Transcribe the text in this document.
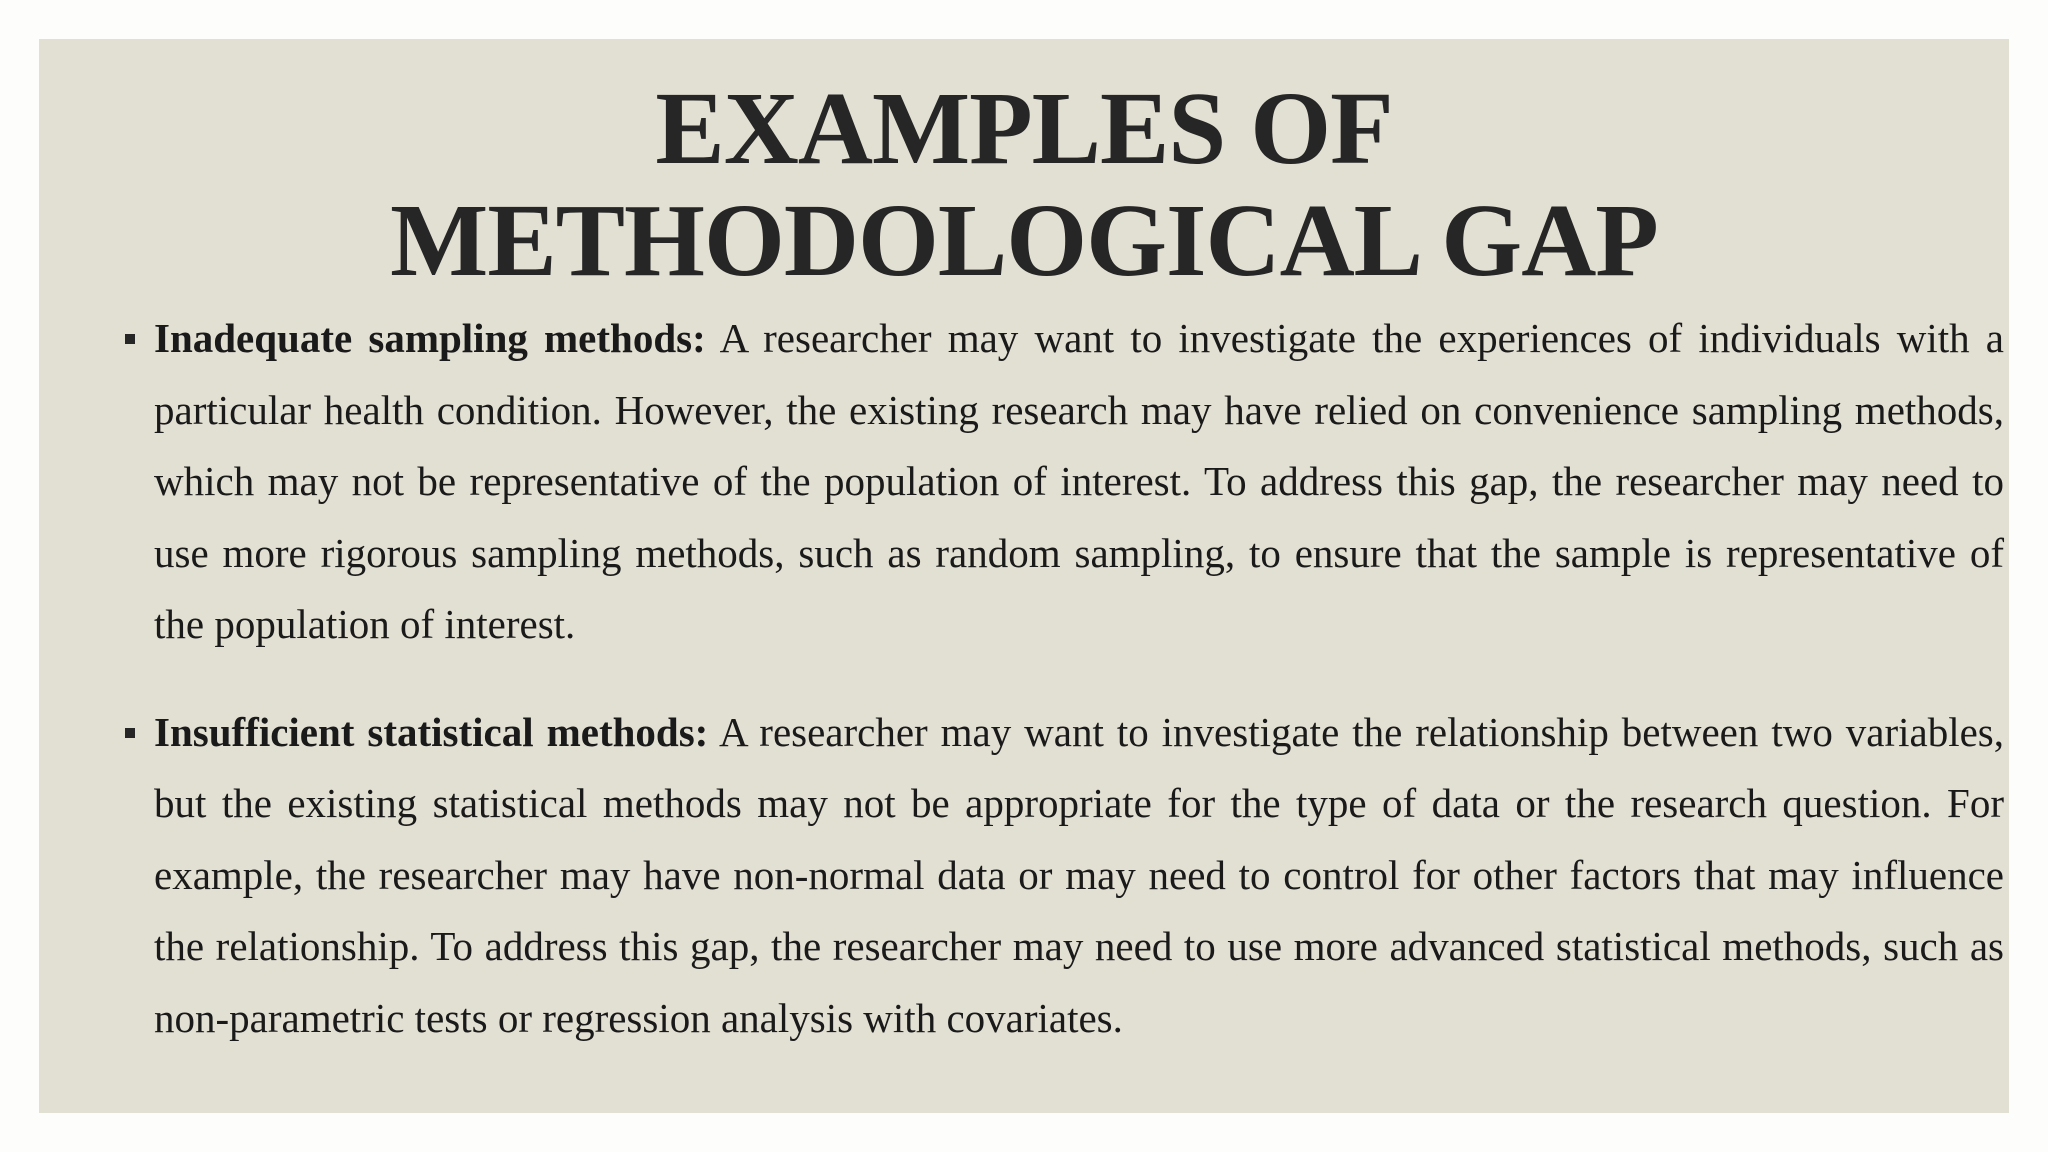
EXAMPLES OF
METHODOLOGICAL GAP
Inadequate sampling methods: A researcher may want to investigate the experiences of individuals with a particular health condition. However, the existing research may have relied on convenience sampling methods, which may not be representative of the population of interest. To address this gap, the researcher may need to use more rigorous sampling methods, such as random sampling, to ensure that the sample is representative of the population of interest.
Insufficient statistical methods: A researcher may want to investigate the relationship between two variables, but the existing statistical methods may not be appropriate for the type of data or the research question. For example, the researcher may have non-normal data or may need to control for other factors that may influence the relationship. To address this gap, the researcher may need to use more advanced statistical methods, such as non-parametric tests or regression analysis with covariates.
